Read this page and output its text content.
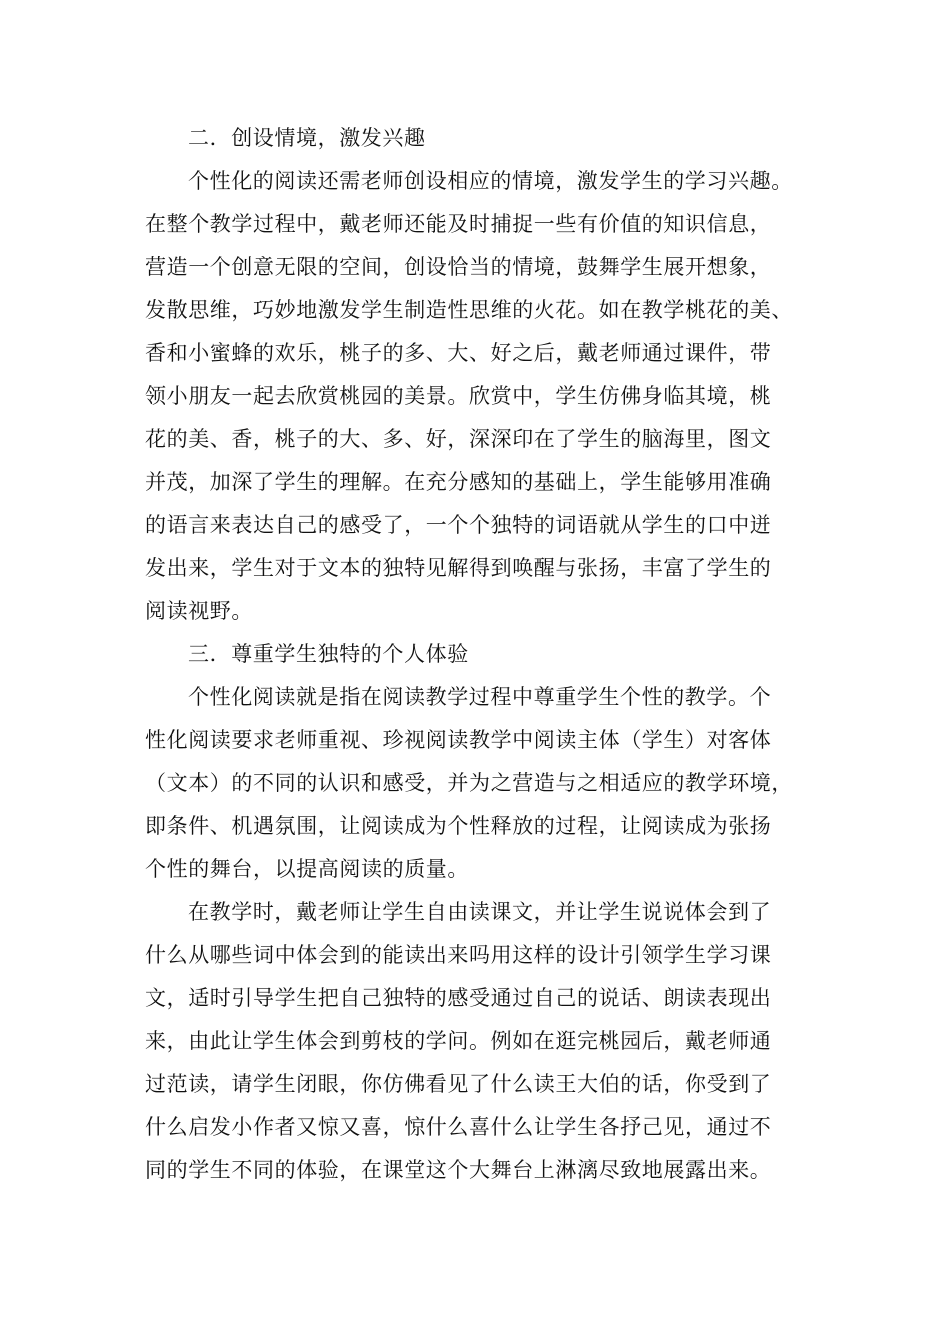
二．创设情境，激发兴趣
个性化的阅读还需老师创设相应的情境，激发学生的学习兴趣。
在整个教学过程中，戴老师还能及时捕捉一些有价值的知识信息，
营造一个创意无限的空间，创设恰当的情境，鼓舞学生展开想象，
发散思维，巧妙地激发学生制造性思维的火花。如在教学桃花的美、
香和小蜜蜂的欢乐，桃子的多、大、好之后，戴老师通过课件，带
领小朋友一起去欣赏桃园的美景。欣赏中，学生仿佛身临其境，桃
花的美、香，桃子的大、多、好，深深印在了学生的脑海里，图文
并茂，加深了学生的理解。在充分感知的基础上，学生能够用准确
的语言来表达自己的感受了，一个个独特的词语就从学生的口中迸
发出来，学生对于文本的独特见解得到唤醒与张扬，丰富了学生的
阅读视野。
三．尊重学生独特的个人体验
个性化阅读就是指在阅读教学过程中尊重学生个性的教学。个
性化阅读要求老师重视、珍视阅读教学中阅读主体（学生）对客体
（文本）的不同的认识和感受，并为之营造与之相适应的教学环境，
即条件、机遇氛围，让阅读成为个性释放的过程，让阅读成为张扬
个性的舞台，以提高阅读的质量。
在教学时，戴老师让学生自由读课文，并让学生说说体会到了
什么从哪些词中体会到的能读出来吗用这样的设计引领学生学习课
文，适时引导学生把自己独特的感受通过自己的说话、朗读表现出
来，由此让学生体会到剪枝的学问。例如在逛完桃园后，戴老师通
过范读，请学生闭眼，你仿佛看见了什么读王大伯的话，你受到了
什么启发小作者又惊又喜，惊什么喜什么让学生各抒己见，通过不
同的学生不同的体验，在课堂这个大舞台上淋漓尽致地展露出来。
